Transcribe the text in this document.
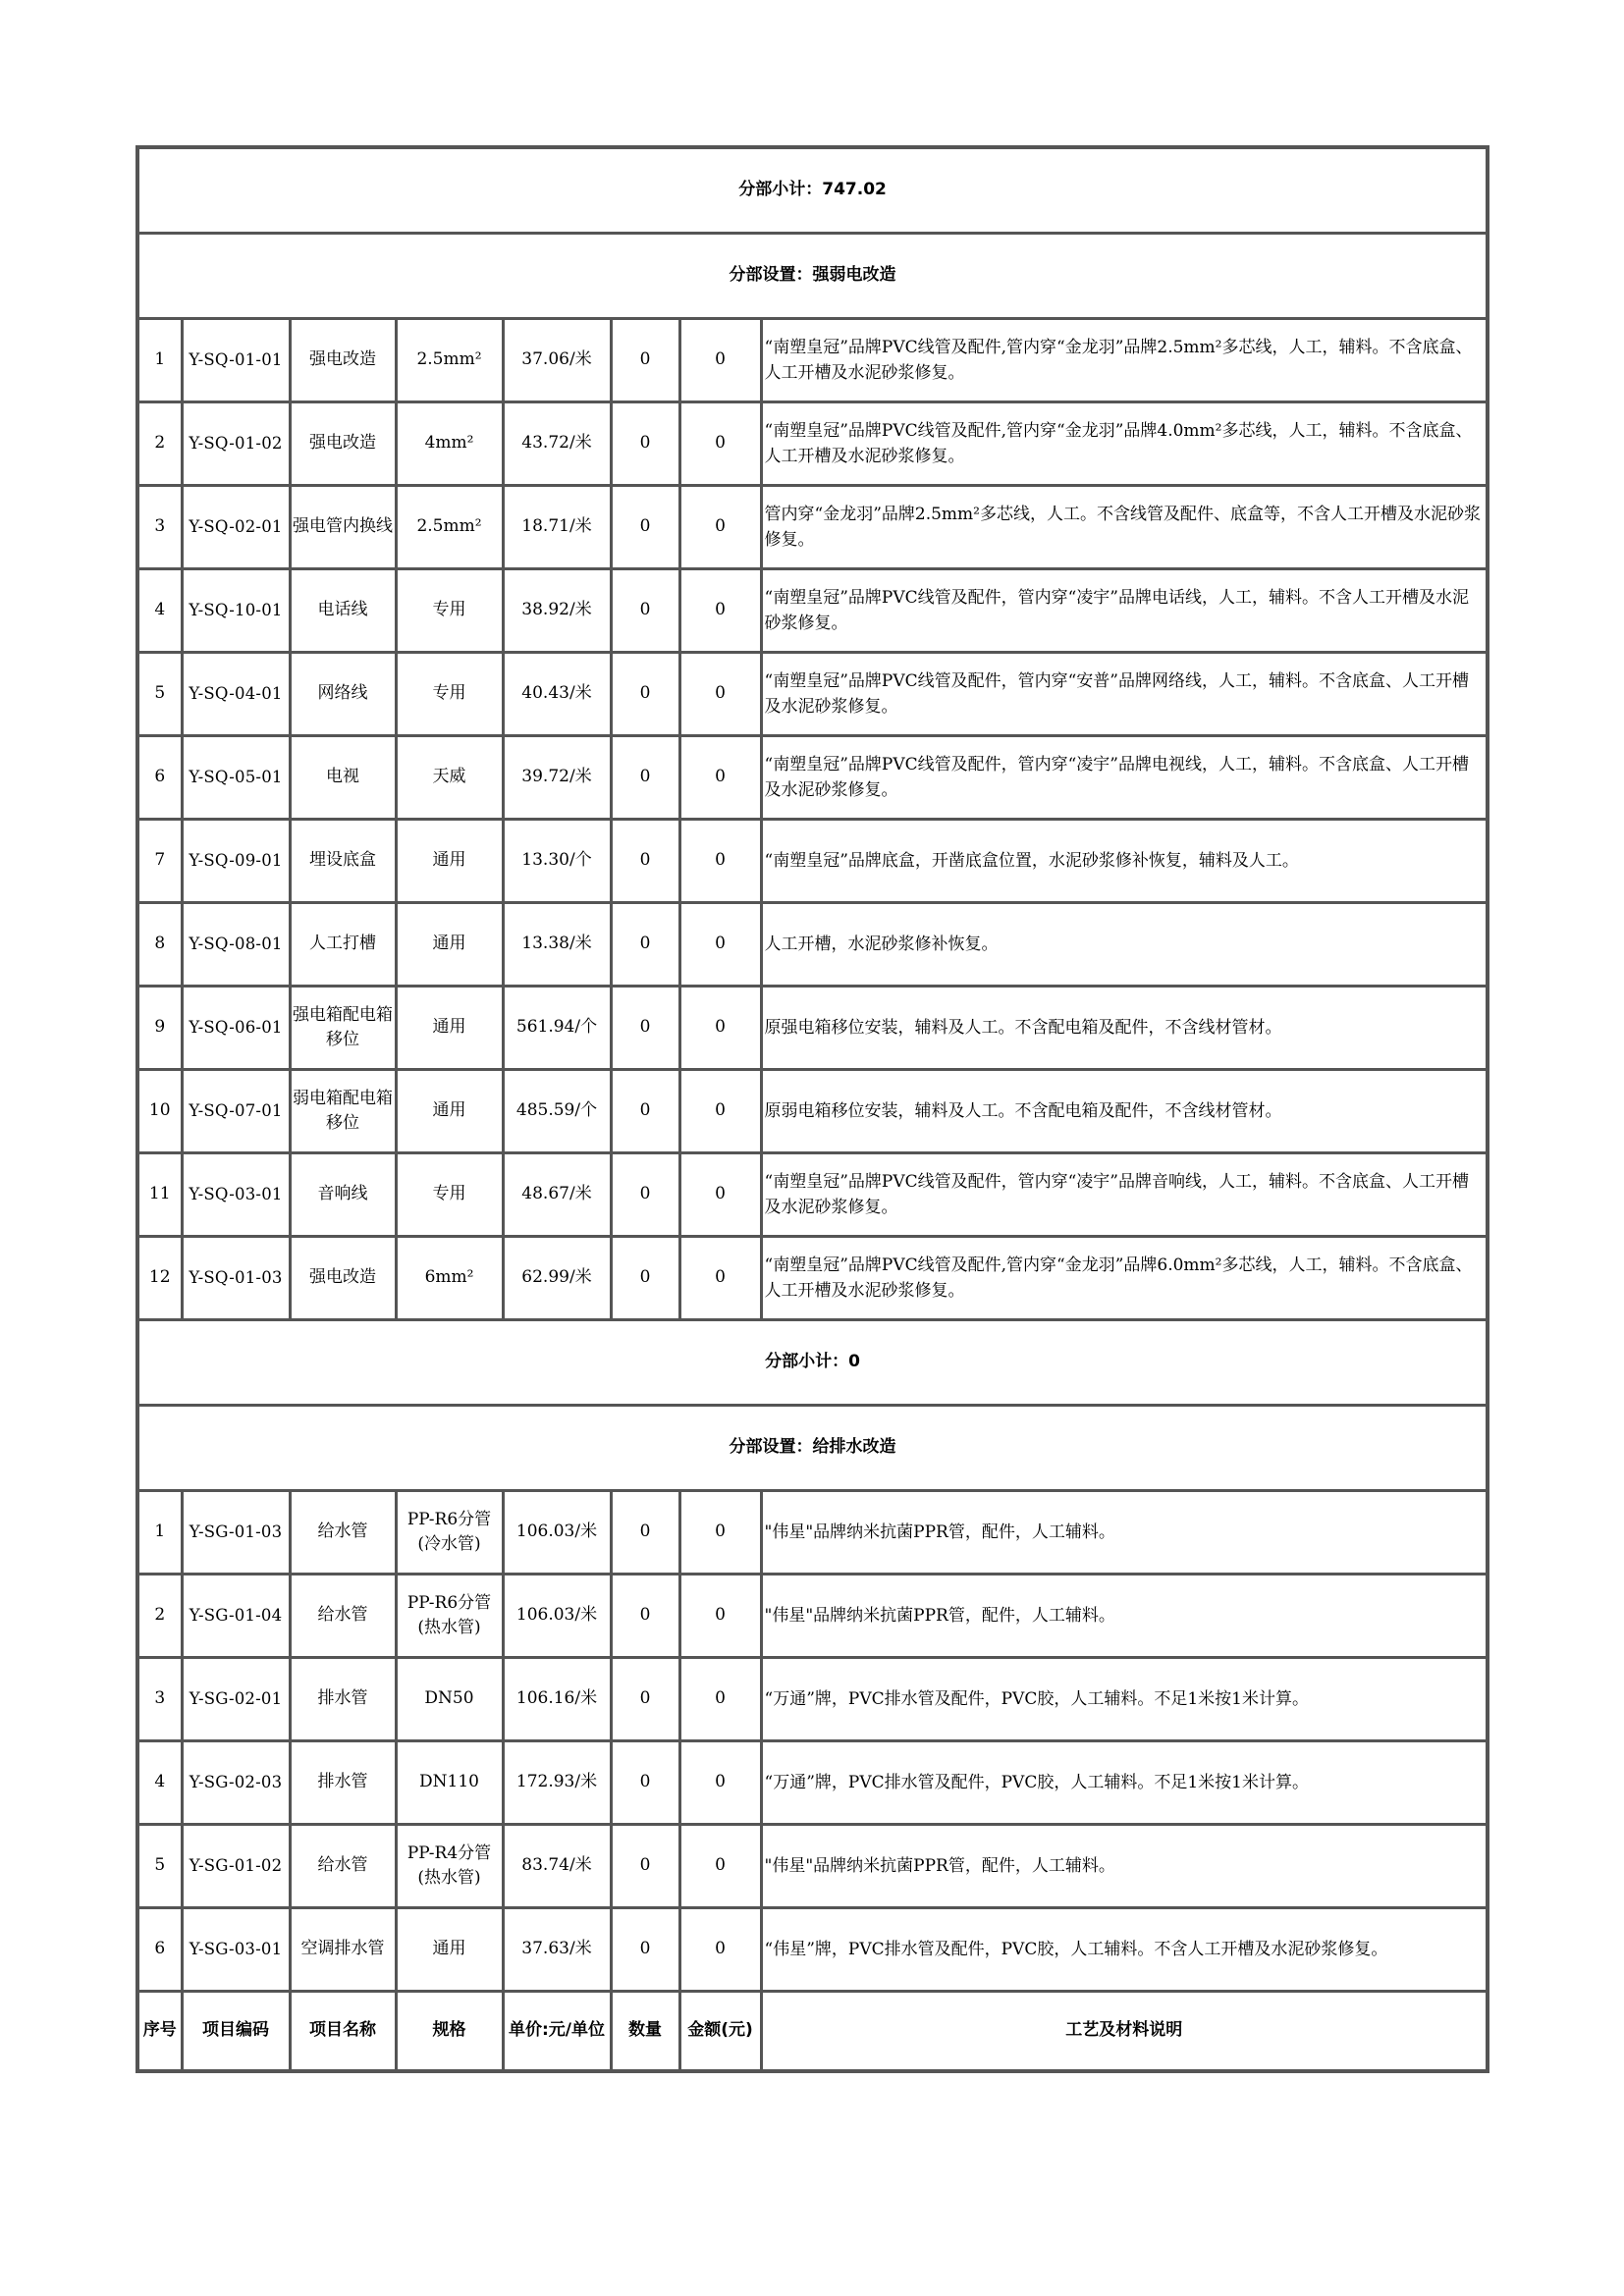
分部小计：747.02							
分部设置：强弱电改造							
1	Y-SQ-01-01	强电改造	2.5mm²	37.06/米	0	0	“南塑皇冠”品牌PVC线管及配件,管内穿“金龙羽”品牌2.5mm²多芯线，人工，辅料。不含底盒、人工开槽及水泥砂浆修复。
2	Y-SQ-01-02	强电改造	4mm²	43.72/米	0	0	“南塑皇冠”品牌PVC线管及配件,管内穿“金龙羽”品牌4.0mm²多芯线，人工，辅料。不含底盒、人工开槽及水泥砂浆修复。
3	Y-SQ-02-01	强电管内换线	2.5mm²	18.71/米	0	0	管内穿“金龙羽”品牌2.5mm²多芯线，人工。不含线管及配件、底盒等，不含人工开槽及水泥砂浆修复。
4	Y-SQ-10-01	电话线	专用	38.92/米	0	0	“南塑皇冠”品牌PVC线管及配件，管内穿“凌宇”品牌电话线，人工，辅料。不含人工开槽及水泥砂浆修复。
5	Y-SQ-04-01	网络线	专用	40.43/米	0	0	“南塑皇冠”品牌PVC线管及配件，管内穿“安普”品牌网络线，人工，辅料。不含底盒、人工开槽及水泥砂浆修复。
6	Y-SQ-05-01	电视	天威	39.72/米	0	0	“南塑皇冠”品牌PVC线管及配件，管内穿“凌宇”品牌电视线，人工，辅料。不含底盒、人工开槽及水泥砂浆修复。
7	Y-SQ-09-01	埋设底盒	通用	13.30/个	0	0	“南塑皇冠”品牌底盒，开凿底盒位置，水泥砂浆修补恢复，辅料及人工。
8	Y-SQ-08-01	人工打槽	通用	13.38/米	0	0	人工开槽，水泥砂浆修补恢复。
9	Y-SQ-06-01	强电箱配电箱移位	通用	561.94/个	0	0	原强电箱移位安装，辅料及人工。不含配电箱及配件，不含线材管材。
10	Y-SQ-07-01	弱电箱配电箱移位	通用	485.59/个	0	0	原弱电箱移位安装，辅料及人工。不含配电箱及配件，不含线材管材。
11	Y-SQ-03-01	音响线	专用	48.67/米	0	0	“南塑皇冠”品牌PVC线管及配件，管内穿“凌宇”品牌音响线，人工，辅料。不含底盒、人工开槽及水泥砂浆修复。
12	Y-SQ-01-03	强电改造	6mm²	62.99/米	0	0	“南塑皇冠”品牌PVC线管及配件,管内穿“金龙羽”品牌6.0mm²多芯线，人工，辅料。不含底盒、人工开槽及水泥砂浆修复。
分部小计：0							
分部设置：给排水改造							
1	Y-SG-01-03	给水管	PP-R6分管(冷水管)	106.03/米	0	0	"伟星"品牌纳米抗菌PPR管，配件，人工辅料。
2	Y-SG-01-04	给水管	PP-R6分管(热水管)	106.03/米	0	0	"伟星"品牌纳米抗菌PPR管，配件，人工辅料。
3	Y-SG-02-01	排水管	DN50	106.16/米	0	0	“万通”牌，PVC排水管及配件，PVC胶，人工辅料。不足1米按1米计算。
4	Y-SG-02-03	排水管	DN110	172.93/米	0	0	“万通”牌，PVC排水管及配件，PVC胶，人工辅料。不足1米按1米计算。
5	Y-SG-01-02	给水管	PP-R4分管(热水管)	83.74/米	0	0	"伟星"品牌纳米抗菌PPR管，配件，人工辅料。
6	Y-SG-03-01	空调排水管	通用	37.63/米	0	0	“伟星”牌，PVC排水管及配件，PVC胶，人工辅料。不含人工开槽及水泥砂浆修复。
序号	项目编码	项目名称	规格	单价:元/单位	数量	金额(元)	工艺及材料说明
